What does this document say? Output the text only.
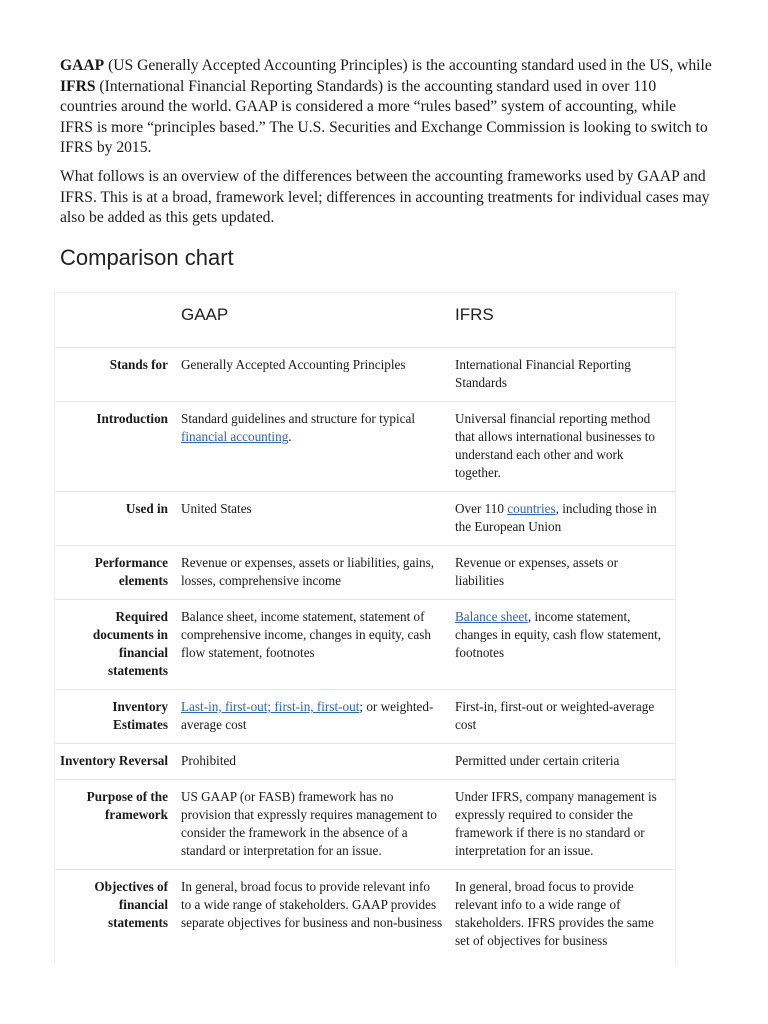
GAAP (US Generally Accepted Accounting Principles) is the accounting standard used in the US, while IFRS (International Financial Reporting Standards) is the accounting standard used in over 110 countries around the world. GAAP is considered a more “rules based” system of accounting, while IFRS is more “principles based.” The U.S. Securities and Exchange Commission is looking to switch to IFRS by 2015.

What follows is an overview of the differences between the accounting frameworks used by GAAP and IFRS. This is at a broad, framework level; differences in accounting treatments for individual cases may also be added as this gets updated.

Comparison chart
	GAAP	IFRS
Stands for	Generally Accepted Accounting Principles	International Financial Reporting Standards
Introduction	Standard guidelines and structure for typical financial accounting.	Universal financial reporting method that allows international businesses to understand each other and work together.
Used in	United States	Over 110 countries, including those in the European Union
Performance elements	Revenue or expenses, assets or liabilities, gains, losses, comprehensive income	Revenue or expenses, assets or liabilities
Required documents in financial statements	Balance sheet, income statement, statement of comprehensive income, changes in equity, cash flow statement, footnotes	Balance sheet, income statement, changes in equity, cash flow statement, footnotes
Inventory Estimates	Last-in, first-out; first-in, first-out; or weighted-average cost	First-in, first-out or weighted-average cost
Inventory Reversal	Prohibited	Permitted under certain criteria
Purpose of the framework	US GAAP (or FASB) framework has no provision that expressly requires management to consider the framework in the absence of a standard or interpretation for an issue.	Under IFRS, company management is expressly required to consider the framework if there is no standard or interpretation for an issue.
Objectives of financial statements	In general, broad focus to provide relevant info to a wide range of stakeholders. GAAP provides separate objectives for business and non-business	In general, broad focus to provide relevant info to a wide range of stakeholders. IFRS provides the same set of objectives for business
